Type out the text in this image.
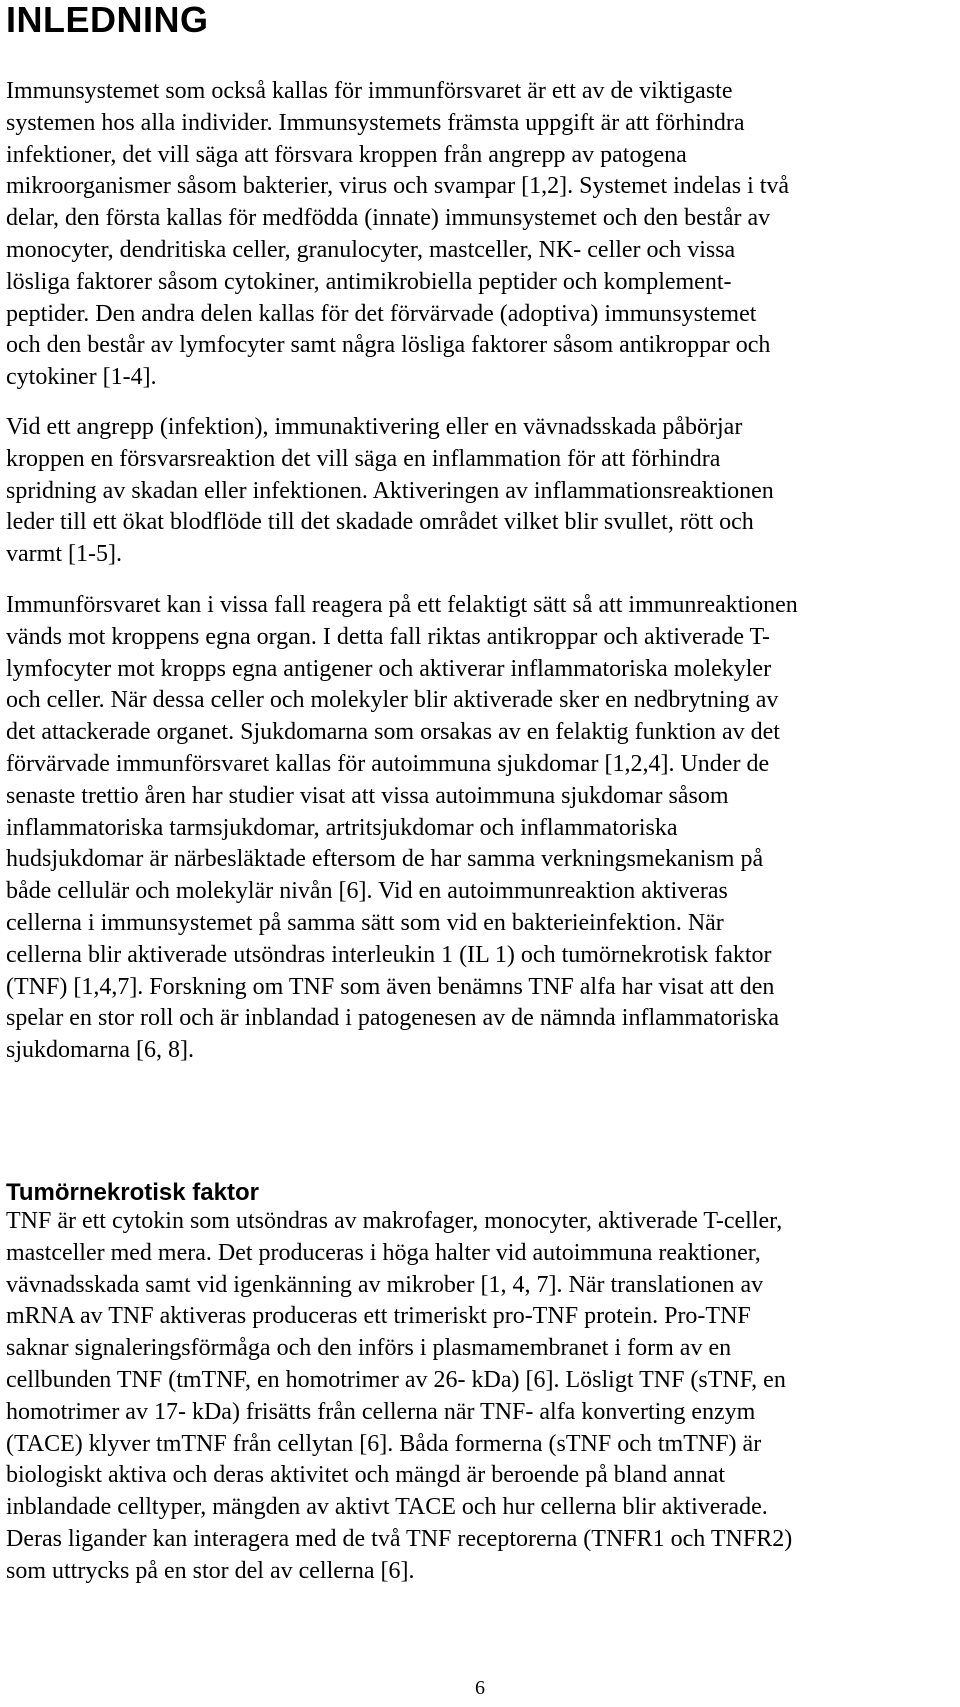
INLEDNING
Immunsystemet som också kallas för immunförsvaret är ett av de viktigaste
systemen hos alla individer. Immunsystemets främsta uppgift är att förhindra
infektioner, det vill säga att försvara kroppen från angrepp av patogena
mikroorganismer såsom bakterier, virus och svampar [1,2]. Systemet indelas i två
delar, den första kallas för medfödda (innate) immunsystemet och den består av
monocyter, dendritiska celler, granulocyter, mastceller, NK- celler och vissa
lösliga faktorer såsom cytokiner, antimikrobiella peptider och komplement-
peptider. Den andra delen kallas för det förvärvade (adoptiva) immunsystemet
och den består av lymfocyter samt några lösliga faktorer såsom antikroppar och
cytokiner [1-4].
Vid ett angrepp (infektion), immunaktivering eller en vävnadsskada påbörjar
kroppen en försvarsreaktion det vill säga en inflammation för att förhindra
spridning av skadan eller infektionen. Aktiveringen av inflammationsreaktionen
leder till ett ökat blodflöde till det skadade området vilket blir svullet, rött och
varmt [1-5].
Immunförsvaret kan i vissa fall reagera på ett felaktigt sätt så att immunreaktionen
vänds mot kroppens egna organ. I detta fall riktas antikroppar och aktiverade T-
lymfocyter mot kropps egna antigener och aktiverar inflammatoriska molekyler
och celler. När dessa celler och molekyler blir aktiverade sker en nedbrytning av
det attackerade organet. Sjukdomarna som orsakas av en felaktig funktion av det
förvärvade immunförsvaret kallas för autoimmuna sjukdomar [1,2,4]. Under de
senaste trettio åren har studier visat att vissa autoimmuna sjukdomar såsom
inflammatoriska tarmsjukdomar, artritsjukdomar och inflammatoriska
hudsjukdomar är närbesläktade eftersom de har samma verkningsmekanism på
både cellulär och molekylär nivån [6]. Vid en autoimmunreaktion aktiveras
cellerna i immunsystemet på samma sätt som vid en bakterieinfektion. När
cellerna blir aktiverade utsöndras interleukin 1 (IL 1) och tumörnekrotisk faktor
(TNF) [1,4,7]. Forskning om TNF som även benämns TNF alfa har visat att den
spelar en stor roll och är inblandad i patogenesen av de nämnda inflammatoriska
sjukdomarna [6, 8].
Tumörnekrotisk faktor
TNF är ett cytokin som utsöndras av makrofager, monocyter, aktiverade T-celler,
mastceller med mera. Det produceras i höga halter vid autoimmuna reaktioner,
vävnadsskada samt vid igenkänning av mikrober [1, 4, 7]. När translationen av
mRNA av TNF aktiveras produceras ett trimeriskt pro-TNF protein. Pro-TNF
saknar signaleringsförmåga och den införs i plasmamembranet i form av en
cellbunden TNF (tmTNF, en homotrimer av 26- kDa) [6]. Lösligt TNF (sTNF, en
homotrimer av 17- kDa) frisätts från cellerna när TNF- alfa konverting enzym
(TACE) klyver tmTNF från cellytan [6]. Båda formerna (sTNF och tmTNF) är
biologiskt aktiva och deras aktivitet och mängd är beroende på bland annat
inblandade celltyper, mängden av aktivt TACE och hur cellerna blir aktiverade.
Deras ligander kan interagera med de två TNF receptorerna (TNFR1 och TNFR2)
som uttrycks på en stor del av cellerna [6].
6
